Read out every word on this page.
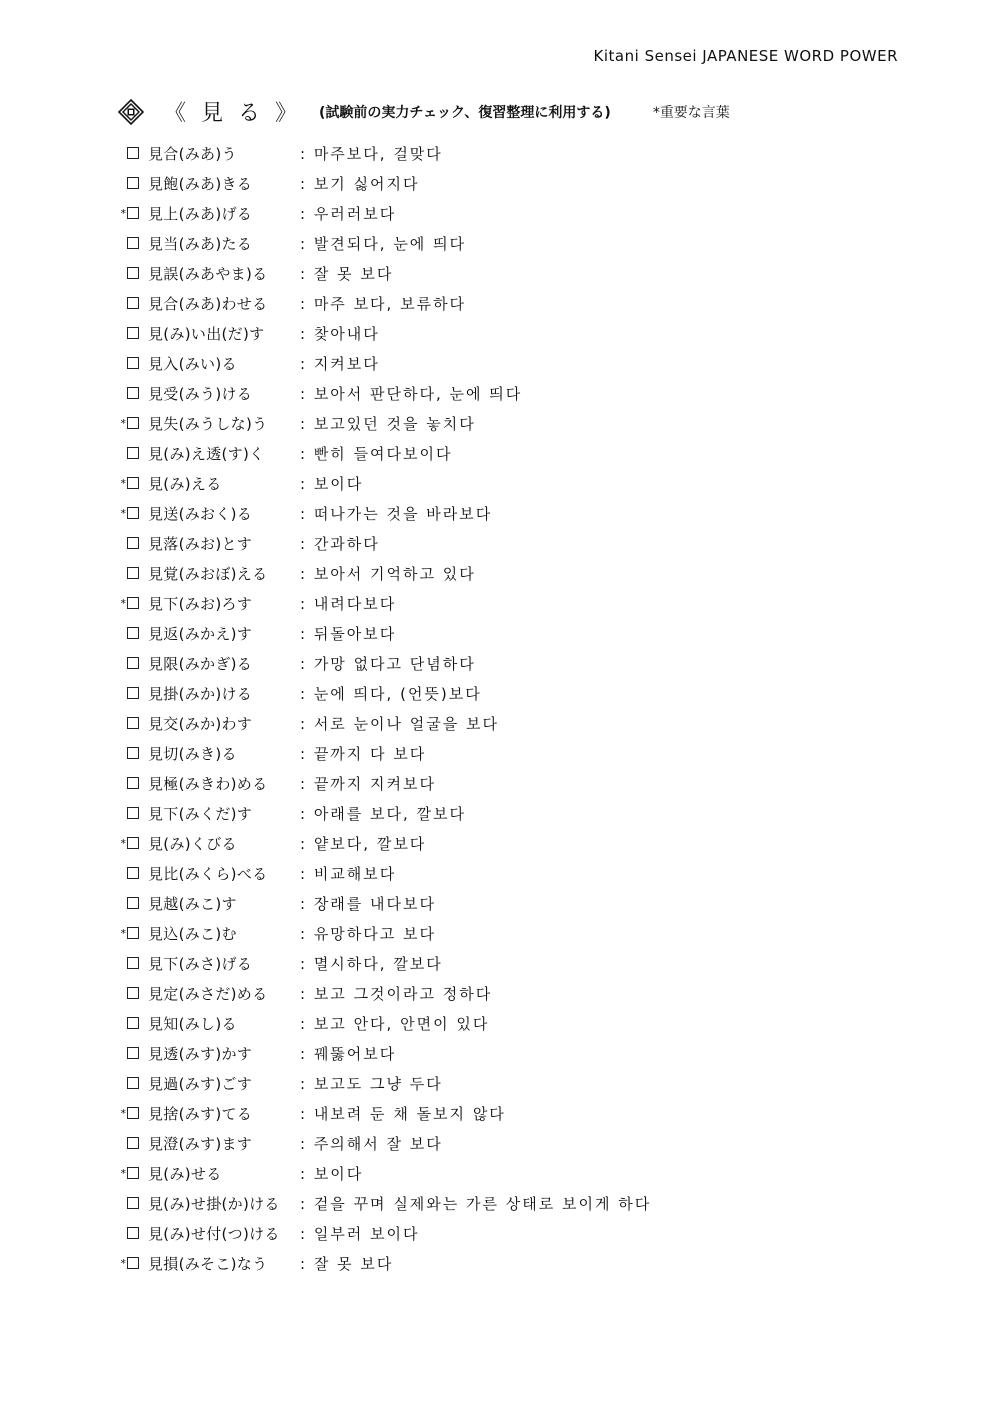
Kitani Sensei JAPANESE WORD POWER
《 見 る 》 (試験前の実力チェック、復習整理に利用する)	*重要な言葉
見合(みあ)う	: 마주보다, 걸맞다
見飽(みあ)きる	: 보기 싫어지다
* 見上(みあ)げる	: 우러러보다
見当(みあ)たる	: 발견되다, 눈에 띄다
見誤(みあやま)る	: 잘 못 보다
見合(みあ)わせる	: 마주 보다, 보류하다
見(み)い出(だ)す	: 찾아내다
見入(みい)る	: 지켜보다
見受(みう)ける	: 보아서 판단하다, 눈에 띄다
* 見失(みうしな)う	: 보고있던 것을 놓치다
見(み)え透(す)く	: 빤히 들여다보이다
* 見(み)える	: 보이다
* 見送(みおく)る	: 떠나가는 것을 바라보다
見落(みお)とす	: 간과하다
見覚(みおぼ)える	: 보아서 기억하고 있다
* 見下(みお)ろす	: 내려다보다
見返(みかえ)す	: 뒤돌아보다
見限(みかぎ)る	: 가망 없다고 단념하다
見掛(みか)ける	: 눈에 띄다, (언뜻)보다
見交(みか)わす	: 서로 눈이나 얼굴을 보다
見切(みき)る	: 끝까지 다 보다
見極(みきわ)める	: 끝까지 지켜보다
見下(みくだ)す	: 아래를 보다, 깔보다
* 見(み)くびる	: 얕보다, 깔보다
見比(みくら)べる	: 비교해보다
見越(みこ)す	: 장래를 내다보다
* 見込(みこ)む	: 유망하다고 보다
見下(みさ)げる	: 멸시하다, 깔보다
見定(みさだ)める	: 보고 그것이라고 정하다
見知(みし)る	: 보고 안다, 안면이 있다
見透(みす)かす	: 꿰뚫어보다
見過(みす)ごす	: 보고도 그냥 두다
* 見捨(みす)てる	: 내보려 둔 채 돌보지 않다
見澄(みす)ます	: 주의해서 잘 보다
* 見(み)せる	: 보이다
見(み)せ掛(か)ける	: 겉을 꾸며 실제와는 가른 상태로 보이게 하다
見(み)せ付(つ)ける	: 일부러 보이다
* 見損(みそこ)なう	: 잘 못 보다
